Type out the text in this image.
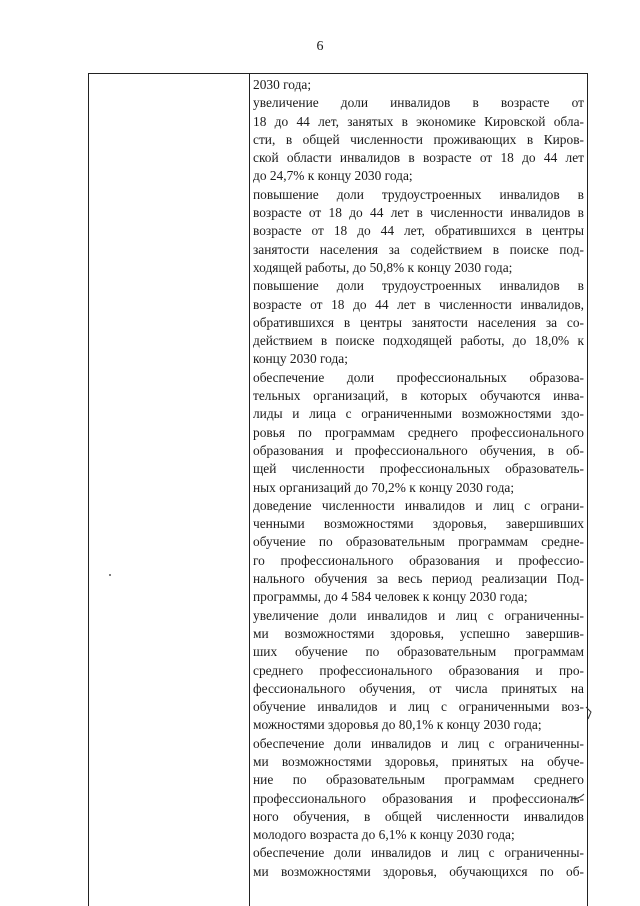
6

2030 года;

увеличение доли инвалидов в возрасте от

18 до 44 лет, занятых в экономике Кировской обла-

сти, в общей численности проживающих в Киров-

ской области инвалидов в возрасте от 18 до 44 лет

до 24,7% к концу 2030 года;

повышение доли трудоустроенных инвалидов в

возрасте от 18 до 44 лет в численности инвалидов в

возрасте от 18 до 44 лет, обратившихся в центры

занятости населения за содействием в поиске под-

ходящей работы, до 50,8% к концу 2030 года;

повышение доли трудоустроенных инвалидов в

возрасте от 18 до 44 лет в численности инвалидов,

обратившихся в центры занятости населения за со-

действием в поиске подходящей работы, до 18,0% к

концу 2030 года;

обеспечение доли профессиональных образова-

тельных организаций, в которых обучаются инва-

лиды и лица с ограниченными возможностями здо-

ровья по программам среднего профессионального

образования и профессионального обучения, в об-

щей численности профессиональных образователь-

ных организаций до 70,2% к концу 2030 года;

доведение численности инвалидов и лиц с ограни-

ченными возможностями здоровья, завершивших

обучение по образовательным программам средне-

го профессионального образования и профессио-

нального обучения за весь период реализации Под-

программы, до 4 584 человек к концу 2030 года;

увеличение доли инвалидов и лиц с ограниченны-

ми возможностями здоровья, успешно завершив-

ших обучение по образовательным программам

среднего профессионального образования и про-

фессионального обучения, от числа принятых на

обучение инвалидов и лиц с ограниченными воз-

можностями здоровья до 80,1% к концу 2030 года;

обеспечение доли инвалидов и лиц с ограниченны-

ми возможностями здоровья, принятых на обуче-

ние по образовательным программам среднего

профессионального образования и профессиональ-

ного обучения, в общей численности инвалидов

молодого возраста до 6,1% к концу 2030 года;

обеспечение доли инвалидов и лиц с ограниченны-

ми возможностями здоровья, обучающихся по об-
